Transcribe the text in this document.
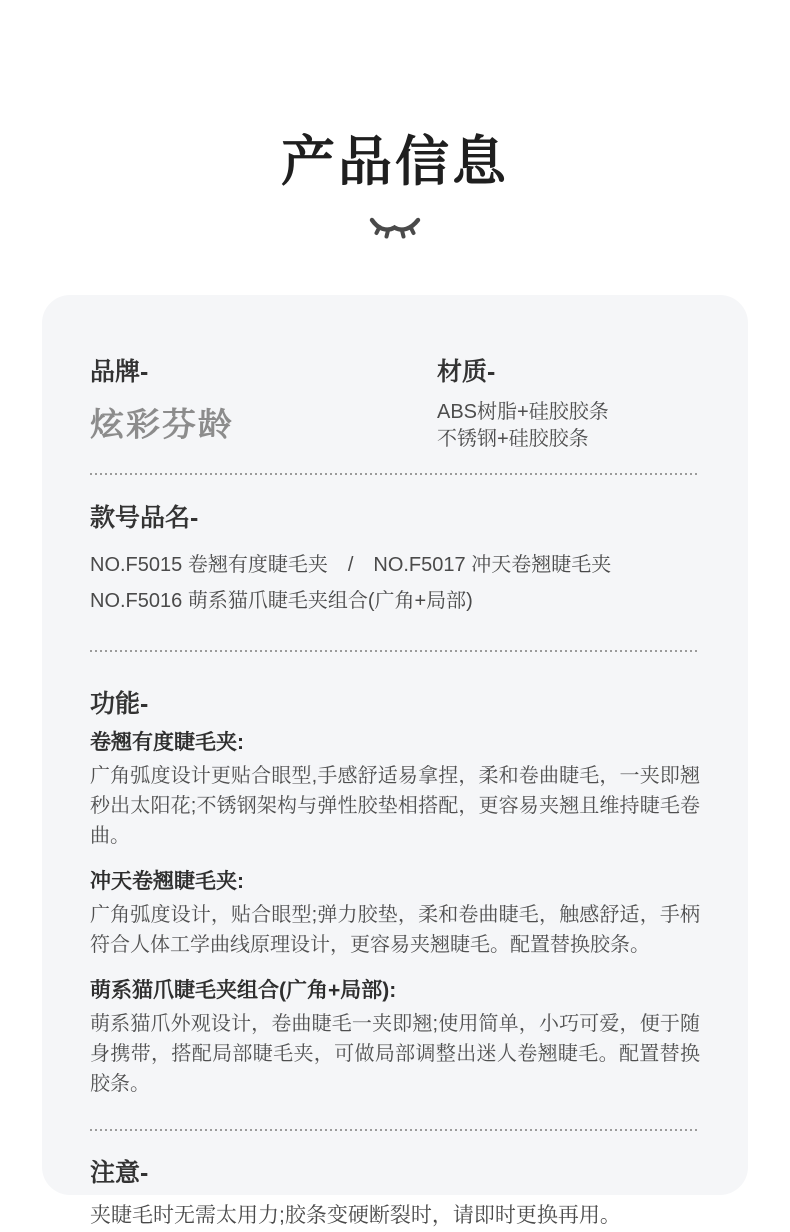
产品信息
品牌-
炫彩芬龄
材质-
ABS树脂+硅胶胶条
不锈钢+硅胶胶条
款号品名-
NO.F5015 卷翘有度睫毛夹　/　NO.F5017 冲天卷翘睫毛夹
NO.F5016 萌系猫爪睫毛夹组合(广角+局部)
功能-
卷翘有度睫毛夹:
广角弧度设计更贴合眼型,手感舒适易拿捏，柔和卷曲睫毛，一夹即翘秒出太阳花;不锈钢架构与弹性胶垫相搭配，更容易夹翘且维持睫毛卷曲。
冲天卷翘睫毛夹:
广角弧度设计，贴合眼型;弹力胶垫，柔和卷曲睫毛，触感舒适，手柄符合人体工学曲线原理设计，更容易夹翘睫毛。配置替换胶条。
萌系猫爪睫毛夹组合(广角+局部):
萌系猫爪外观设计，卷曲睫毛一夹即翘;使用简单，小巧可爱，便于随身携带，搭配局部睫毛夹，可做局部调整出迷人卷翘睫毛。配置替换胶条。
注意-
夹睫毛时无需太用力;胶条变硬断裂时，请即时更换再用。
